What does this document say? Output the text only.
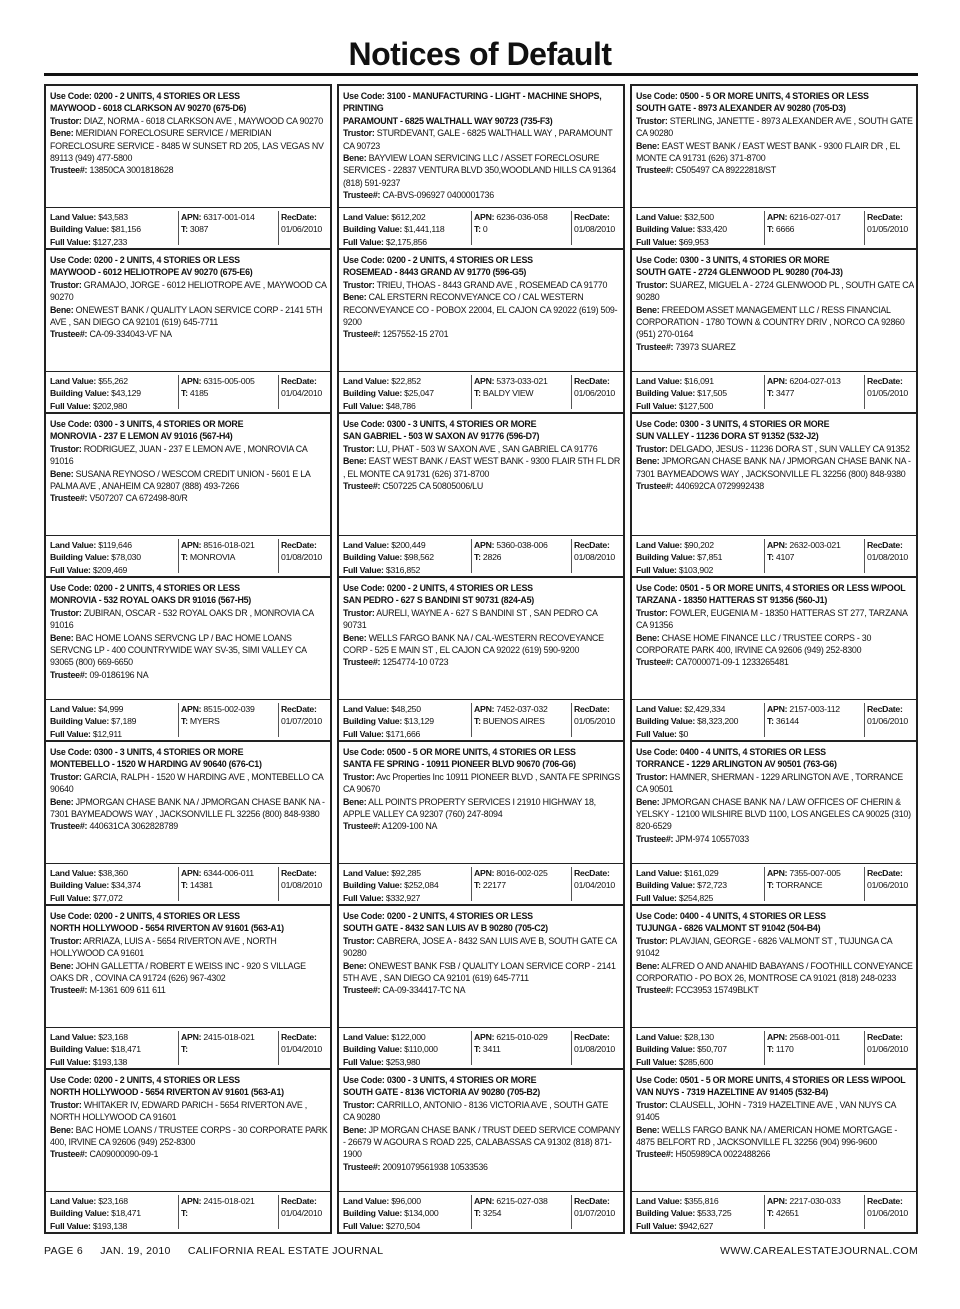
Notices of Default
Use Code: 0200 - 2 UNITS, 4 STORIES OR LESS
MAYWOOD - 6018 CLARKSON AV 90270 (675-D6)
Trustor: DIAZ, NORMA - 6018 CLARKSON AVE , MAYWOOD CA 90270
Bene: MERIDIAN FORECLOSURE SERVICE / MERIDIAN FORECLOSURE SERVICE - 8485 W SUNSET RD 205, LAS VEGAS NV 89113 (949) 477-5800
Trustee#: 13850CA 3001818628
Land Value: $43,583
Building Value: $81,156
Full Value: $127,233
APN: 6317-001-014
T: 3087
RecDate:
01/06/2010
Use Code: 0200 - 2 UNITS, 4 STORIES OR LESS
MAYWOOD - 6012 HELIOTROPE AV 90270 (675-E6)
Trustor: GRAMAJO, JORGE - 6012 HELIOTROPE AVE , MAYWOOD CA 90270
Bene: ONEWEST BANK / QUALITY LAON SERVICE CORP - 2141 5TH AVE , SAN DIEGO CA 92101 (619) 645-7711
Trustee#: CA-09-334043-VF NA
Land Value: $55,262
Building Value: $43,129
Full Value: $202,980
APN: 6315-005-005
T: 4185
RecDate:
01/04/2010
Use Code: 0300 - 3 UNITS, 4 STORIES OR MORE
MONROVIA - 237 E LEMON AV 91016 (567-H4)
Trustor: RODRIGUEZ, JUAN - 237 E LEMON AVE , MONROVIA CA 91016
Bene: SUSANA REYNOSO / WESCOM CREDIT UNION - 5601 E LA PALMA AVE , ANAHEIM CA 92807 (888) 493-7266
Trustee#: V507207 CA 672498-80/R
Land Value: $119,646
Building Value: $78,030
Full Value: $209,469
APN: 8516-018-021
T: MONROVIA
RecDate:
01/08/2010
Use Code: 0200 - 2 UNITS, 4 STORIES OR LESS
MONROVIA - 532 ROYAL OAKS DR 91016 (567-H5)
Trustor: ZUBIRAN, OSCAR - 532 ROYAL OAKS DR , MONROVIA CA 91016
Bene: BAC HOME LOANS SERVCNG LP / BAC HOME LOANS SERVCNG LP - 400 COUNTRYWIDE WAY SV-35, SIMI VALLEY CA 93065 (800) 669-6650
Trustee#: 09-0186196 NA
Land Value: $4,999
Building Value: $7,189
Full Value: $12,911
APN: 8515-002-039
T: MYERS
RecDate:
01/07/2010
Use Code: 0300 - 3 UNITS, 4 STORIES OR MORE
MONTEBELLO - 1520 W HARDING AV 90640 (676-C1)
Trustor: GARCIA, RALPH - 1520 W HARDING AVE , MONTEBELLO CA 90640
Bene: JPMORGAN CHASE BANK NA / JPMORGAN CHASE BANK NA - 7301 BAYMEADOWS WAY , JACKSONVILLE FL 32256 (800) 848-9380
Trustee#: 440631CA 3062828789
Land Value: $38,360
Building Value: $34,374
Full Value: $77,072
APN: 6344-006-011
T: 14381
RecDate:
01/08/2010
Use Code: 0200 - 2 UNITS, 4 STORIES OR LESS
NORTH HOLLYWOOD - 5654 RIVERTON AV 91601 (563-A1)
Trustor: ARRIAZA, LUIS A - 5654 RIVERTON AVE , NORTH HOLLYWOOD CA 91601
Bene: JOHN GALLETTA / ROBERT E WEISS INC - 920 S VILLAGE OAKS DR , COVINA CA 91724 (626) 967-4302
Trustee#: M-1361 609 611 611
Land Value: $23,168
Building Value: $18,471
Full Value: $193,138
APN: 2415-018-021
T:
RecDate:
01/04/2010
Use Code: 0200 - 2 UNITS, 4 STORIES OR LESS
NORTH HOLLYWOOD - 5654 RIVERTON AV 91601 (563-A1)
Trustor: WHITAKER IV, EDWARD PARICH - 5654 RIVERTON AVE , NORTH HOLLYWOOD CA 91601
Bene: BAC HOME LOANS / TRUSTEE CORPS - 30 CORPORATE PARK 400, IRVINE CA 92606 (949) 252-8300
Trustee#: CA09000090-09-1
Land Value: $23,168
Building Value: $18,471
Full Value: $193,138
APN: 2415-018-021
T:
RecDate:
01/04/2010
Use Code: 3100 - MANUFACTURING - LIGHT - MACHINE SHOPS, PRINTING
PARAMOUNT - 6825 WALTHALL WAY 90723 (735-F3)
Trustor: STURDEVANT, GALE - 6825 WALTHALL WAY , PARAMOUNT CA 90723
Bene: BAYVIEW LOAN SERVICING LLC / ASSET FORECLOSURE SERVICES - 22837 VENTURA BLVD 350,WOODLAND HILLS CA 91364 (818) 591-9237
Trustee#: CA-BVS-096927 0400001736
Land Value: $612,202
Building Value: $1,441,118
Full Value: $2,175,856
APN: 6236-036-058
T: 0
RecDate:
01/08/2010
Use Code: 0200 - 2 UNITS, 4 STORIES OR LESS
ROSEMEAD - 8443 GRAND AV 91770 (596-G5)
Trustor: TRIEU, THOAS - 8443 GRAND AVE , ROSEMEAD CA 91770
Bene: CAL ERSTERN RECONVEYANCE CO / CAL WESTERN RECONVEYANCE CO - POBOX 22004, EL CAJON CA 92022 (619) 509-9200
Trustee#: 1257552-15 2701
Land Value: $22,852
Building Value: $25,047
Full Value: $48,786
APN: 5373-033-021
T: BALDY VIEW
RecDate:
01/06/2010
Use Code: 0300 - 3 UNITS, 4 STORIES OR MORE
SAN GABRIEL - 503 W SAXON AV 91776 (596-D7)
Trustor: LU, PHAT - 503 W SAXON AVE , SAN GABRIEL CA 91776
Bene: EAST WEST BANK / EAST WEST BANK - 9300 FLAIR 5TH FL DR , EL MONTE CA 91731 (626) 371-8700
Trustee#: C507225 CA 50805006/LU
Land Value: $200,449
Building Value: $98,562
Full Value: $316,852
APN: 5360-038-006
T: 2826
RecDate:
01/08/2010
Use Code: 0200 - 2 UNITS, 4 STORIES OR LESS
SAN PEDRO - 627 S BANDINI ST 90731 (824-A5)
Trustor: AURELI, WAYNE A - 627 S BANDINI ST , SAN PEDRO CA 90731
Bene: WELLS FARGO BANK NA / CAL-WESTERN RECOVEYANCE CORP - 525 E MAIN ST , EL CAJON CA 92022 (619) 590-9200
Trustee#: 1254774-10 0723
Land Value: $48,250
Building Value: $13,129
Full Value: $171,666
APN: 7452-037-032
T: BUENOS AIRES
RecDate:
01/05/2010
Use Code: 0500 - 5 OR MORE UNITS, 4 STORIES OR LESS
SANTA FE SPRING - 10911 PIONEER BLVD 90670 (706-G6)
Trustor: Avc Properties Inc 10911 PIONEER BLVD , SANTA FE SPRINGS CA 90670
Bene: ALL POINTS PROPERTY SERVICES I 21910 HIGHWAY 18, APPLE VALLEY CA 92307 (760) 247-8094
Trustee#: A1209-100 NA
Land Value: $92,285
Building Value: $252,084
Full Value: $332,927
APN: 8016-002-025
T: 22177
RecDate:
01/04/2010
Use Code: 0200 - 2 UNITS, 4 STORIES OR LESS
SOUTH GATE - 8432 SAN LUIS AV B 90280 (705-C2)
Trustor: CABRERA, JOSE A - 8432 SAN LUIS AVE B, SOUTH GATE CA 90280
Bene: ONEWEST BANK FSB / QUALITY LOAN SERVICE CORP - 2141 5TH AVE , SAN DIEGO CA 92101 (619) 645-7711
Trustee#: CA-09-334417-TC NA
Land Value: $122,000
Building Value: $110,000
Full Value: $253,980
APN: 6215-010-029
T: 3411
RecDate:
01/08/2010
Use Code: 0300 - 3 UNITS, 4 STORIES OR MORE
SOUTH GATE - 8136 VICTORIA AV 90280 (705-B2)
Trustor: CARRILLO, ANTONIO - 8136 VICTORIA AVE , SOUTH GATE CA 90280
Bene: JP MORGAN CHASE BANK / TRUST DEED SERVICE COMPANY - 26679 W AGOURA S ROAD 225, CALABASSAS CA 91302 (818) 871-1900
Trustee#: 20091079561938 10533536
Land Value: $96,000
Building Value: $134,000
Full Value: $270,504
APN: 6215-027-038
T: 3254
RecDate:
01/07/2010
Use Code: 0500 - 5 OR MORE UNITS, 4 STORIES OR LESS
SOUTH GATE - 8973 ALEXANDER AV 90280 (705-D3)
Trustor: STERLING, JANETTE - 8973 ALEXANDER AVE , SOUTH GATE CA 90280
Bene: EAST WEST BANK / EAST WEST BANK - 9300 FLAIR DR , EL MONTE CA 91731 (626) 371-8700
Trustee#: C505497 CA 89222818/ST
Land Value: $32,500
Building Value: $33,420
Full Value: $69,953
APN: 6216-027-017
T: 6666
RecDate:
01/05/2010
Use Code: 0300 - 3 UNITS, 4 STORIES OR MORE
SOUTH GATE - 2724 GLENWOOD PL 90280 (704-J3)
Trustor: SUAREZ, MIGUEL A - 2724 GLENWOOD PL , SOUTH GATE CA 90280
Bene: FREEDOM ASSET MANAGEMENT LLC / RESS FINANCIAL CORPORATION - 1780 TOWN & COUNTRY DRIV , NORCO CA 92860 (951) 270-0164
Trustee#: 73973 SUAREZ
Land Value: $16,091
Building Value: $17,505
Full Value: $127,500
APN: 6204-027-013
T: 3477
RecDate:
01/05/2010
Use Code: 0300 - 3 UNITS, 4 STORIES OR MORE
SUN VALLEY - 11236 DORA ST 91352 (532-J2)
Trustor: DELGADO, JESUS - 11236 DORA ST , SUN VALLEY CA 91352
Bene: JPMORGAN CHASE BANK NA / JPMORGAN CHASE BANK NA - 7301 BAYMEADOWS WAY , JACKSONVILLE FL 32256 (800) 848-9380
Trustee#: 440692CA 0729992438
Land Value: $90,202
Building Value: $7,851
Full Value: $103,902
APN: 2632-003-021
T: 4107
RecDate:
01/08/2010
Use Code: 0501 - 5 OR MORE UNITS, 4 STORIES OR LESS W/POOL
TARZANA - 18350 HATTERAS ST 91356 (560-J1)
Trustor: FOWLER, EUGENIA M - 18350 HATTERAS ST 277, TARZANA CA 91356
Bene: CHASE HOME FINANCE LLC / TRUSTEE CORPS - 30 CORPORATE PARK 400, IRVINE CA 92606 (949) 252-8300
Trustee#: CA7000071-09-1 1233265481
Land Value: $2,429,334
Building Value: $8,323,200
Full Value: $0
APN: 2157-003-112
T: 36144
RecDate:
01/06/2010
Use Code: 0400 - 4 UNITS, 4 STORIES OR LESS
TORRANCE - 1229 ARLINGTON AV 90501 (763-G6)
Trustor: HAMNER, SHERMAN - 1229 ARLINGTON AVE , TORRANCE CA 90501
Bene: JPMORGAN CHASE BANK NA / LAW OFFICES OF CHERIN & YELSKY - 12100 WILSHIRE BLVD 1100, LOS ANGELES CA 90025 (310) 820-6529
Trustee#: JPM-974 10557033
Land Value: $161,029
Building Value: $72,723
Full Value: $254,825
APN: 7355-007-005
T: TORRANCE
RecDate:
01/06/2010
Use Code: 0400 - 4 UNITS, 4 STORIES OR LESS
TUJUNGA - 6826 VALMONT ST 91042 (504-B4)
Trustor: PLAVJIAN, GEORGE - 6826 VALMONT ST , TUJUNGA CA 91042
Bene: ALFRED O AND ANAHID BABAYANS / FOOTHILL CONVEYANCE CORPORATIO - PO BOX 26, MONTROSE CA 91021 (818) 248-0233
Trustee#: FCC3953 15749BLKT
Land Value: $28,130
Building Value: $50,707
Full Value: $285,600
APN: 2568-001-011
T: 1170
RecDate:
01/06/2010
Use Code: 0501 - 5 OR MORE UNITS, 4 STORIES OR LESS W/POOL
VAN NUYS - 7319 HAZELTINE AV 91405 (532-B4)
Trustor: CLAUSELL, JOHN - 7319 HAZELTINE AVE , VAN NUYS CA 91405
Bene: WELLS FARGO BANK NA / AMERICAN HOME MORTGAGE - 4875 BELFORT RD , JACKSONVILLE FL 32256 (904) 996-9600
Trustee#: H505989CA 0022488266
Land Value: $355,816
Building Value: $533,725
Full Value: $942,627
APN: 2217-030-033
T: 42651
RecDate:
01/06/2010
PAGE 6 JAN. 19, 2010 CALIFORNIA REAL ESTATE JOURNAL	WWW.CAREALESTATEJOURNAL.COM
